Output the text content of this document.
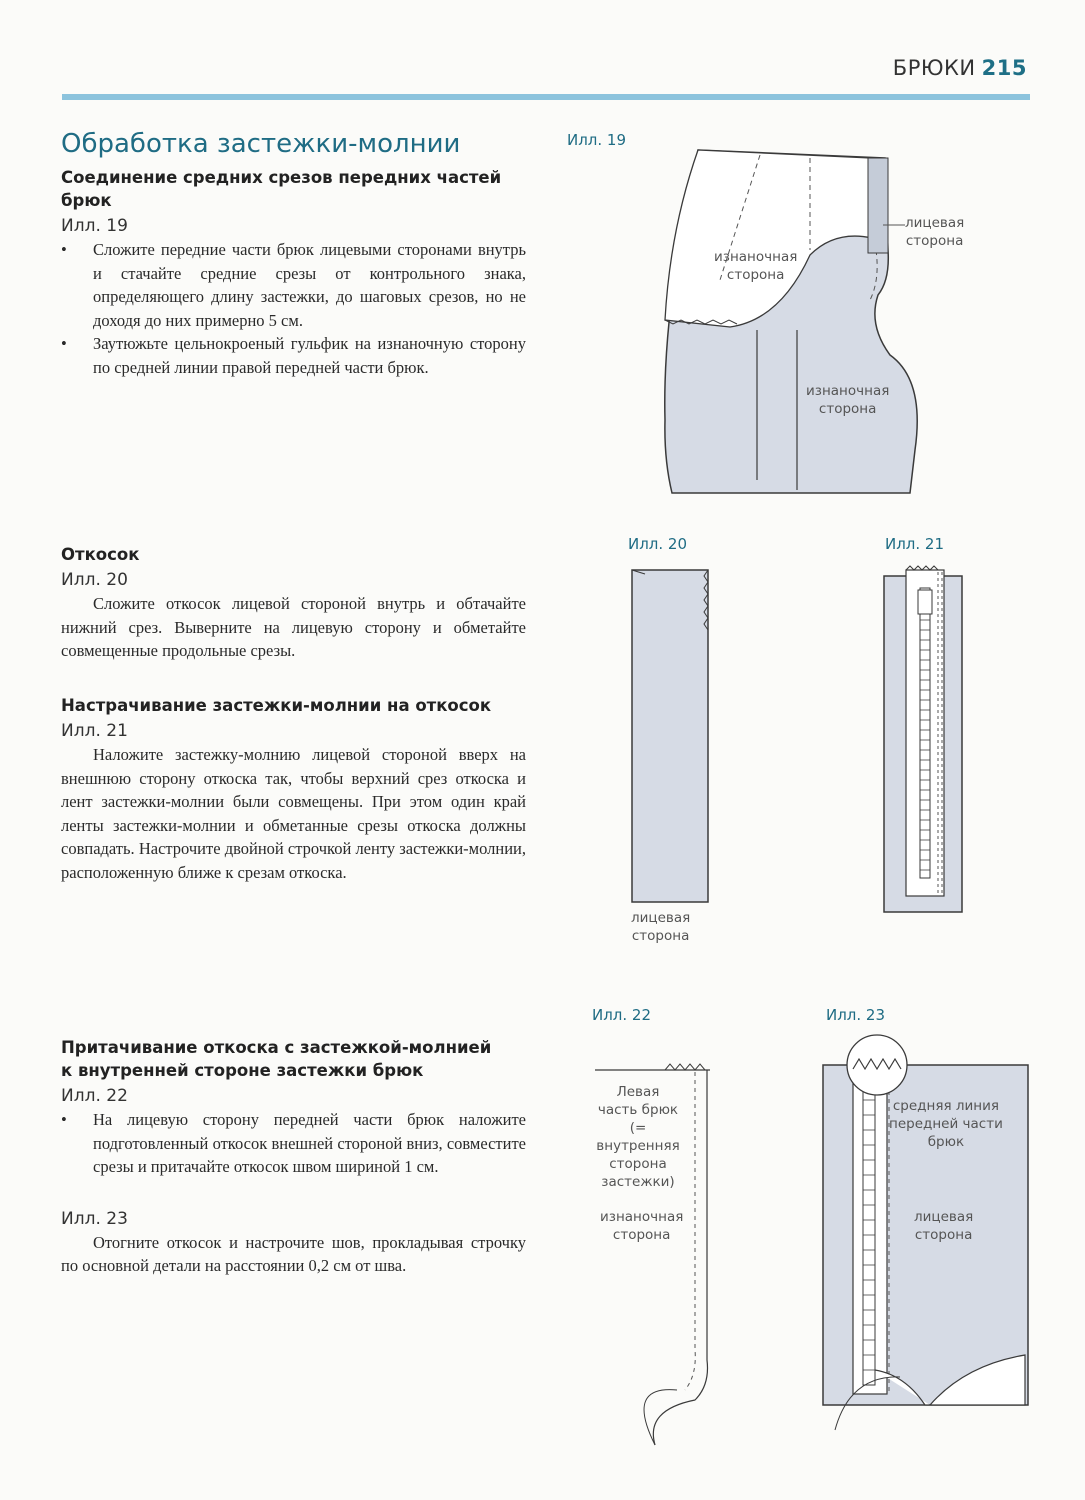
БРЮКИ 215
Обработка застежки-молнии
Соединение средних срезов передних частей брюк
Илл. 19
• Сложите передние части брюк лицевыми сторонами внутрь и стачайте средние срезы от контрольного знака, определяющего длину застежки, до шаговых срезов, но не доходя до них примерно 5 см.
• Заутюжьте цельнокроеный гульфик на изнаночную сторону по средней линии правой передней части брюк.
Откосок
Илл. 20

Сложите откосок лицевой стороной внутрь и обтачайте нижний срез. Выверните на лицевую сторону и обметайте совмещенные продольные срезы.

Настрачивание застежки-молнии на откосок
Илл. 21

Наложите застежку-молнию лицевой стороной вверх на внешнюю сторону откоска так, чтобы верхний срез откоска и лент застежки-молнии были совмещены. При этом один край ленты застежки-молнии и обметанные срезы откоска должны совпадать. Настрочите двойной строчкой ленту застежки-молнии, расположенную ближе к срезам откоска.

Притачивание откоска с застежкой-молнией
к внутренней стороне застежки брюк
Илл. 22
• На лицевую сторону передней части брюк наложите подготовленный откосок внешней стороной вниз, совместите срезы и притачайте откосок швом шириной 1 см.
Илл. 23

Отогните откосок и настрочите шов, прокладывая строчку по основной детали на расстоянии 0,2 см от шва.

Илл. 19
лицевая
сторона
изнаночная
сторона
изнаночная
сторона
Илл. 20
лицевая
сторона
Илл. 21
Илл. 22
Левая
часть брюк
(= внутренняя
сторона
застежки)
изнаночная
сторона
Илл. 23
средняя линия
передней части
брюк
лицевая
сторона
